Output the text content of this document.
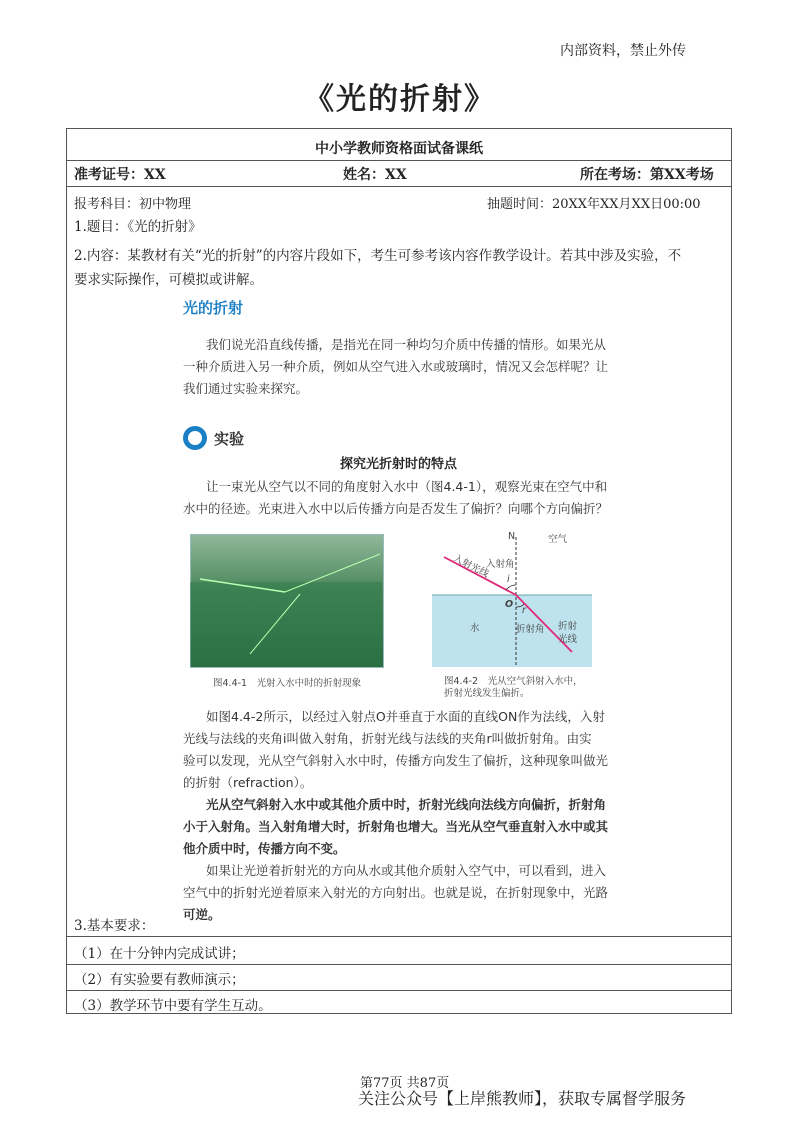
内部资料，禁止外传
《光的折射》
中小学教师资格面试备课纸
准考证号：XX	姓名：XX	所在考场：第XX考场
报考科目：初中物理	抽题时间：20XX年XX月XX日00:00
1.题目：《光的折射》
2.内容：某教材有关“光的折射”的内容片段如下，考生可参考该内容作教学设计。若其中涉及实验，不
要求实际操作，可模拟或讲解。
光的折射
我们说光沿直线传播，是指光在同一种均匀介质中传播的情形。如果光从
一种介质进入另一种介质，例如从空气进入水或玻璃时，情况又会怎样呢？让
我们通过实验来探究。
实验
探究光折射时的特点
让一束光从空气以不同的角度射入水中（图4.4-1），观察光束在空气中和
水中的径迹。光束进入水中以后传播方向是否发生了偏折？向哪个方向偏折？
图4.4-1　光射入水中时的折射现象
N	空气
入射光线
入射角
i
O
r
水	折射角 折射光线
图4.4-2　光从空气斜射入水中，
折射光线发生偏折。
如图4.4-2所示，以经过入射点O并垂直于水面的直线ON作为法线，入射
光线与法线的夹角i叫做入射角，折射光线与法线的夹角r叫做折射角。由实
验可以发现，光从空气斜射入水中时，传播方向发生了偏折，这种现象叫做光
的折射（refraction）。
光从空气斜射入水中或其他介质中时，折射光线向法线方向偏折，折射角
小于入射角。当入射角增大时，折射角也增大。当光从空气垂直射入水中或其
他介质中时，传播方向不变。
如果让光逆着折射光的方向从水或其他介质射入空气中，可以看到，进入
空气中的折射光逆着原来入射光的方向射出。也就是说，在折射现象中，光路
可逆。
3.基本要求：
（1）在十分钟内完成试讲；
（2）有实验要有教师演示；
（3）教学环节中要有学生互动。
第77页 共87页
关注公众号【上岸熊教师】，获取专属督学服务
